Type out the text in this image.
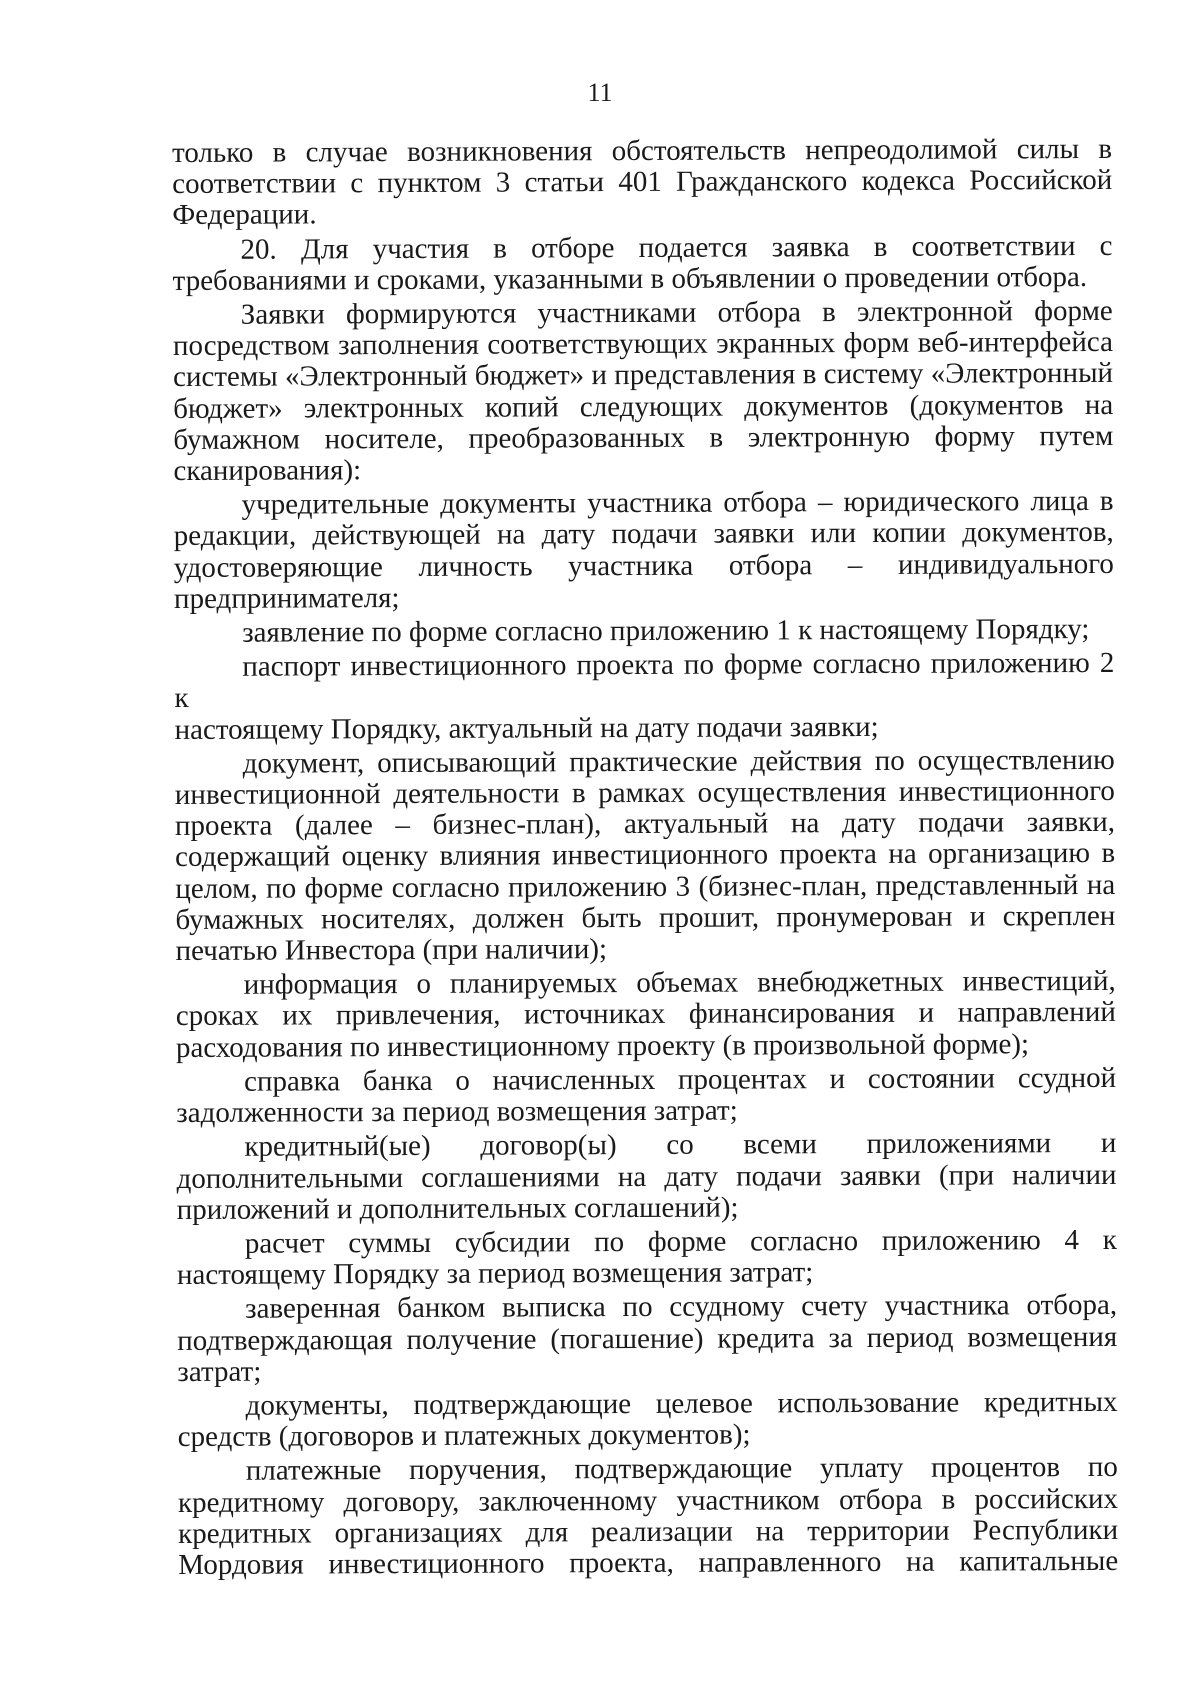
11

только в случае возникновения обстоятельств непреодолимой силы в

соответствии с пунктом 3 статьи 401 Гражданского кодекса Российской

Федерации.

20. Для участия в отборе подается заявка в соответствии с

требованиями и сроками, указанными в объявлении о проведении отбора.

Заявки формируются участниками отбора в электронной форме

посредством заполнения соответствующих экранных форм веб-интерфейса

системы «Электронный бюджет» и представления в систему «Электронный

бюджет» электронных копий следующих документов (документов на

бумажном носителе, преобразованных в электронную форму путем

сканирования):

учредительные документы участника отбора – юридического лица в

редакции, действующей на дату подачи заявки или копии документов,

удостоверяющие личность участника отбора – индивидуального

предпринимателя;

заявление по форме согласно приложению 1 к настоящему Порядку;

паспорт инвестиционного проекта по форме согласно приложению 2 к

настоящему Порядку, актуальный на дату подачи заявки;

документ, описывающий практические действия по осуществлению

инвестиционной деятельности в рамках осуществления инвестиционного

проекта (далее – бизнес-план), актуальный на дату подачи заявки,

содержащий оценку влияния инвестиционного проекта на организацию в

целом, по форме согласно приложению 3 (бизнес-план, представленный на

бумажных носителях, должен быть прошит, пронумерован и скреплен

печатью Инвестора (при наличии);

информация о планируемых объемах внебюджетных инвестиций,

сроках их привлечения, источниках финансирования и направлений

расходования по инвестиционному проекту (в произвольной форме);

справка банка о начисленных процентах и состоянии ссудной

задолженности за период возмещения затрат;

кредитный(ые) договор(ы) со всеми приложениями и

дополнительными соглашениями на дату подачи заявки (при наличии

приложений и дополнительных соглашений);

расчет суммы субсидии по форме согласно приложению 4 к

настоящему Порядку за период возмещения затрат;

заверенная банком выписка по ссудному счету участника отбора,

подтверждающая получение (погашение) кредита за период возмещения

затрат;

документы, подтверждающие целевое использование кредитных

средств (договоров и платежных документов);

платежные поручения, подтверждающие уплату процентов по

кредитному договору, заключенному участником отбора в российских

кредитных организациях для реализации на территории Республики

Мордовия инвестиционного проекта, направленного на капитальные
